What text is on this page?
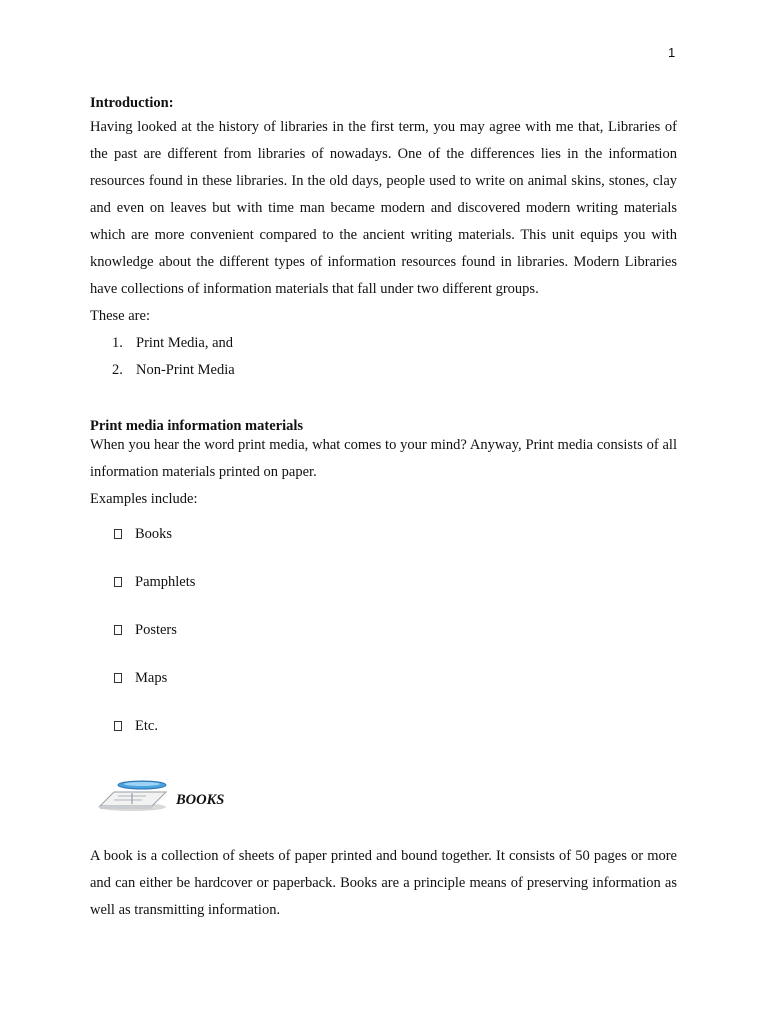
1
Introduction:
Having looked at the history of libraries in the first term, you may agree with me that, Libraries of the past are different from libraries of nowadays. One of the differences lies in the information resources found in these libraries. In the old days, people used to write on animal skins, stones, clay and even on leaves but with time man became modern and discovered modern writing materials which are more convenient compared to the ancient writing materials. This unit equips you with knowledge about the different types of information resources found in libraries. Modern Libraries have collections of information materials that fall under two different groups.
These are:
1. Print Media, and
2. Non-Print Media
Print media information materials
When you hear the word print media, what comes to your mind? Anyway, Print media consists of all information materials printed on paper.
Examples include:
Books
Pamphlets
Posters
Maps
Etc.
BOOKS
A book is a collection of sheets of paper printed and bound together. It consists of 50 pages or more and can either be hardcover or paperback. Books are a principle means of preserving information as well as transmitting information.
